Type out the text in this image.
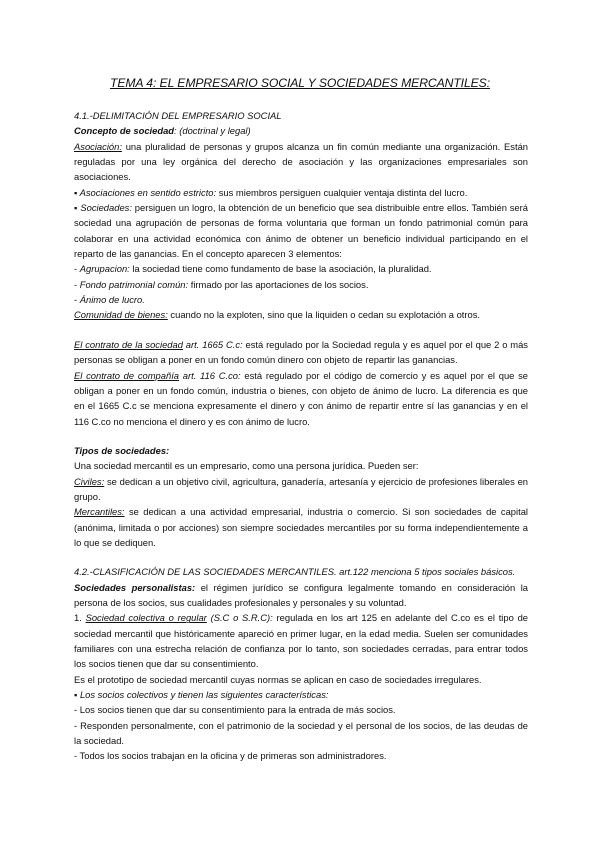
TEMA 4: EL EMPRESARIO SOCIAL Y SOCIEDADES MERCANTILES:

4.1.-DELIMITACIÓN DEL EMPRESARIO SOCIAL

Concepto de sociedad: (doctrinal y legal)

Asociación: una pluralidad de personas y grupos alcanza un fin común mediante una organización. Están reguladas por una ley orgánica del derecho de asociación y las organizaciones empresariales son asociaciones.

▪ Asociaciones en sentido estricto: sus miembros persiguen cualquier ventaja distinta del lucro.

▪ Sociedades: persiguen un logro, la obtención de un beneficio que sea distribuible entre ellos. También será sociedad una agrupación de personas de forma voluntaria que forman un fondo patrimonial común para colaborar en una actividad económica con ánimo de obtener un beneficio individual participando en el reparto de las ganancias. En el concepto aparecen 3 elementos:

- Agrupacion: la sociedad tiene como fundamento de base la asociación, la pluralidad.

- Fondo patrimonial común: firmado por las aportaciones de los socios.

- Ánimo de lucro.

Comunidad de bienes: cuando no la exploten, sino que la liquiden o cedan su explotación a otros.

El contrato de la sociedad art. 1665 C.c: está regulado por la Sociedad regula y es aquel por el que 2 o más personas se obligan a poner en un fondo común dinero con objeto de repartir las ganancias.

El contrato de compañía art. 116 C.co: está regulado por el código de comercio y es aquel por el que se obligan a poner en un fondo común, industria o bienes, con objeto de ánimo de lucro. La diferencia es que en el 1665 C.c se menciona expresamente el dinero y con ánimo de repartir entre sí las ganancias y en el 116 C.co no menciona el dinero y es con ánimo de lucro.

Tipos de sociedades:

Una sociedad mercantil es un empresario, como una persona jurídica. Pueden ser:

Civiles: se dedican a un objetivo civil, agricultura, ganadería, artesanía y ejercicio de profesiones liberales en grupo.

Mercantiles: se dedican a una actividad empresarial, industria o comercio. Si son sociedades de capital (anónima, limitada o por acciones) son siempre sociedades mercantiles por su forma independientemente a lo que se dediquen.

4.2.-CLASIFICACIÓN DE LAS SOCIEDADES MERCANTILES. art.122 menciona 5 tipos sociales básicos.

Sociedades personalistas: el régimen jurídico se configura legalmente tomando en consideración la persona de los socios, sus cualidades profesionales y personales y su voluntad.

1. Sociedad colectiva o regular (S.C o S.R.C): regulada en los art 125 en adelante del C.co es el tipo de sociedad mercantil que históricamente apareció en primer lugar, en la edad media. Suelen ser comunidades familiares con una estrecha relación de confianza por lo tanto, son sociedades cerradas, para entrar todos los socios tienen que dar su consentimiento.

Es el prototipo de sociedad mercantil cuyas normas se aplican en caso de sociedades irregulares.

▪ Los socios colectivos y tienen las siguientes características:

- Los socios tienen que dar su consentimiento para la entrada de más socios.

- Responden personalmente, con el patrimonio de la sociedad y el personal de los socios, de las deudas de la sociedad.

- Todos los socios trabajan en la oficina y de primeras son administradores.
